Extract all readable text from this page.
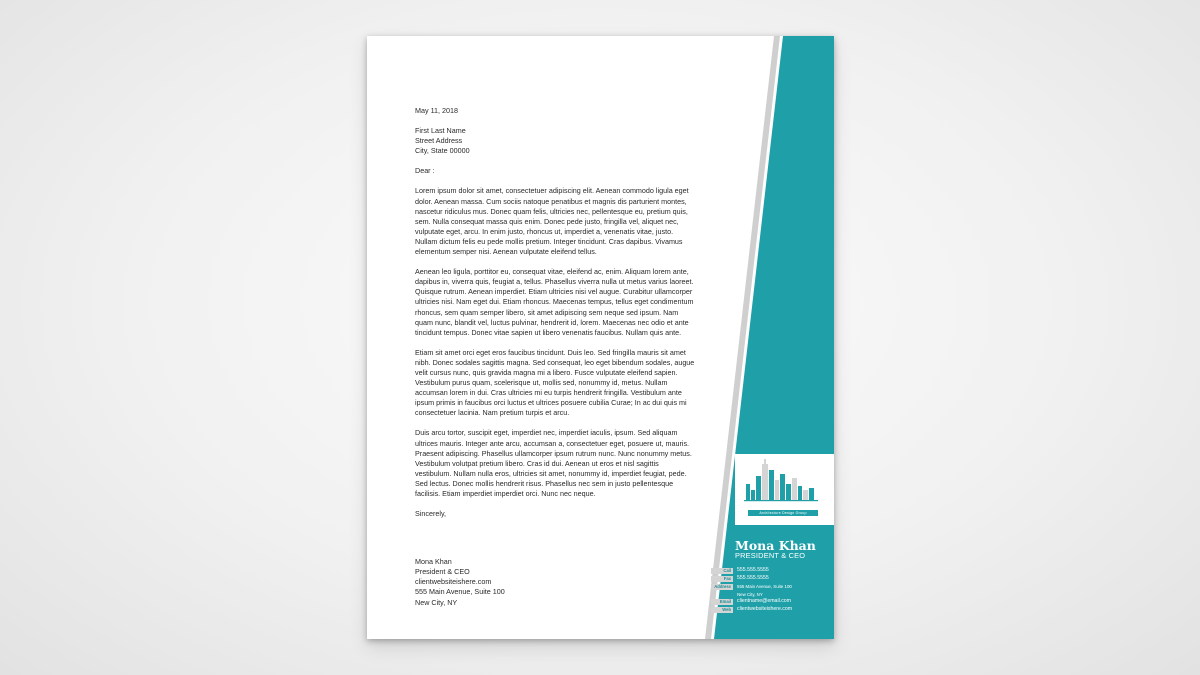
May 11, 2018
First Last Name
Street Address
City, State 00000
Dear :
Lorem ipsum dolor sit amet, consectetuer adipiscing elit. Aenean commodo ligula eget dolor. Aenean massa. Cum sociis natoque penatibus et magnis dis parturient montes, nascetur ridiculus mus. Donec quam felis, ultricies nec, pellentesque eu, pretium quis, sem. Nulla consequat massa quis enim. Donec pede justo, fringilla vel, aliquet nec, vulputate eget, arcu. In enim justo, rhoncus ut, imperdiet a, venenatis vitae, justo. Nullam dictum felis eu pede mollis pretium. Integer tincidunt. Cras dapibus. Vivamus elementum semper nisi. Aenean vulputate eleifend tellus.
Aenean leo ligula, porttitor eu, consequat vitae, eleifend ac, enim. Aliquam lorem ante, dapibus in, viverra quis, feugiat a, tellus. Phasellus viverra nulla ut metus varius laoreet. Quisque rutrum. Aenean imperdiet. Etiam ultricies nisi vel augue. Curabitur ullamcorper ultricies nisi. Nam eget dui. Etiam rhoncus. Maecenas tempus, tellus eget condimentum rhoncus, sem quam semper libero, sit amet adipiscing sem neque sed ipsum. Nam quam nunc, blandit vel, luctus pulvinar, hendrerit id, lorem. Maecenas nec odio et ante tincidunt tempus. Donec vitae sapien ut libero venenatis faucibus. Nullam quis ante.
Etiam sit amet orci eget eros faucibus tincidunt. Duis leo. Sed fringilla mauris sit amet nibh. Donec sodales sagittis magna. Sed consequat, leo eget bibendum sodales, augue velit cursus nunc, quis gravida magna mi a libero. Fusce vulputate eleifend sapien. Vestibulum purus quam, scelerisque ut, mollis sed, nonummy id, metus. Nullam accumsan lorem in dui. Cras ultricies mi eu turpis hendrerit fringilla. Vestibulum ante ipsum primis in faucibus orci luctus et ultrices posuere cubilia Curae; In ac dui quis mi consectetuer lacinia. Nam pretium turpis et arcu.
Duis arcu tortor, suscipit eget, imperdiet nec, imperdiet iaculis, ipsum. Sed aliquam ultrices mauris. Integer ante arcu, accumsan a, consectetuer eget, posuere ut, mauris. Praesent adipiscing. Phasellus ullamcorper ipsum rutrum nunc. Nunc nonummy metus. Vestibulum volutpat pretium libero. Cras id dui. Aenean ut eros et nisl sagittis vestibulum. Nullam nulla eros, ultricies sit amet, nonummy id, imperdiet feugiat, pede. Sed lectus. Donec mollis hendrerit risus. Phasellus nec sem in justo pellentesque facilisis. Etiam imperdiet imperdiet orci. Nunc nec neque.
Sincerely,
Mona Khan
President & CEO
clientwebsiteishere.com
555 Main Avenue, Suite 100
New City, NY
Architecture Design Group
Mona Khan
PRESIDENT & CEO
Call	555.555.5555
Fax	555.555.5555
Address	555 Main Avenue, Suite 100
New City, NY
Email	clientname@email.com
Web	clientwebsiteishere.com
